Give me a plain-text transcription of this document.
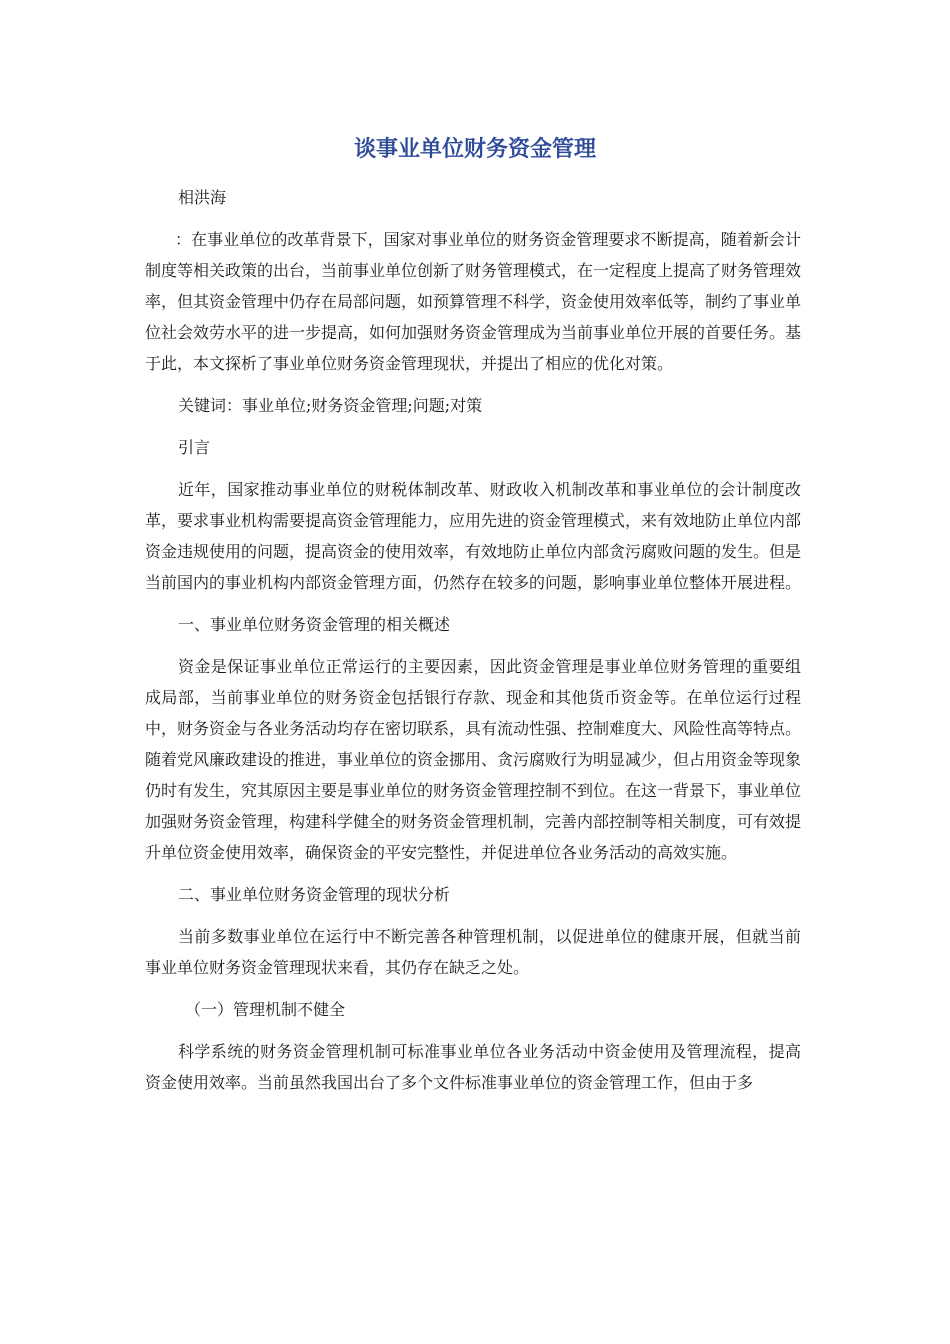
谈事业单位财务资金管理

相洪海

：在事业单位的改革背景下，国家对事业单位的财务资金管理要求不断提高，随着新会计制度等相关政策的出台，当前事业单位创新了财务管理模式，在一定程度上提高了财务管理效率，但其资金管理中仍存在局部问题，如预算管理不科学，资金使用效率低等，制约了事业单位社会效劳水平的进一步提高，如何加强财务资金管理成为当前事业单位开展的首要任务。基于此，本文探析了事业单位财务资金管理现状，并提出了相应的优化对策。

关键词：事业单位;财务资金管理;问题;对策

引言

近年，国家推动事业单位的财税体制改革、财政收入机制改革和事业单位的会计制度改革，要求事业机构需要提高资金管理能力，应用先进的资金管理模式，来有效地防止单位内部资金违规使用的问题，提高资金的使用效率，有效地防止单位内部贪污腐败问题的发生。但是当前国内的事业机构内部资金管理方面，仍然存在较多的问题，影响事业单位整体开展进程。

一、事业单位财务资金管理的相关概述

资金是保证事业单位正常运行的主要因素，因此资金管理是事业单位财务管理的重要组成局部，当前事业单位的财务资金包括银行存款、现金和其他货币资金等。在单位运行过程中，财务资金与各业务活动均存在密切联系，具有流动性强、控制难度大、风险性高等特点。随着党风廉政建设的推进，事业单位的资金挪用、贪污腐败行为明显减少，但占用资金等现象仍时有发生，究其原因主要是事业单位的财务资金管理控制不到位。在这一背景下，事业单位加强财务资金管理，构建科学健全的财务资金管理机制，完善内部控制等相关制度，可有效提升单位资金使用效率，确保资金的平安完整性，并促进单位各业务活动的高效实施。

二、事业单位财务资金管理的现状分析

当前多数事业单位在运行中不断完善各种管理机制，以促进单位的健康开展，但就当前事业单位财务资金管理现状来看，其仍存在缺乏之处。

（一）管理机制不健全

科学系统的财务资金管理机制可标准事业单位各业务活动中资金使用及管理流程，提高资金使用效率。当前虽然我国出台了多个文件标准事业单位的资金管理工作，但由于多
